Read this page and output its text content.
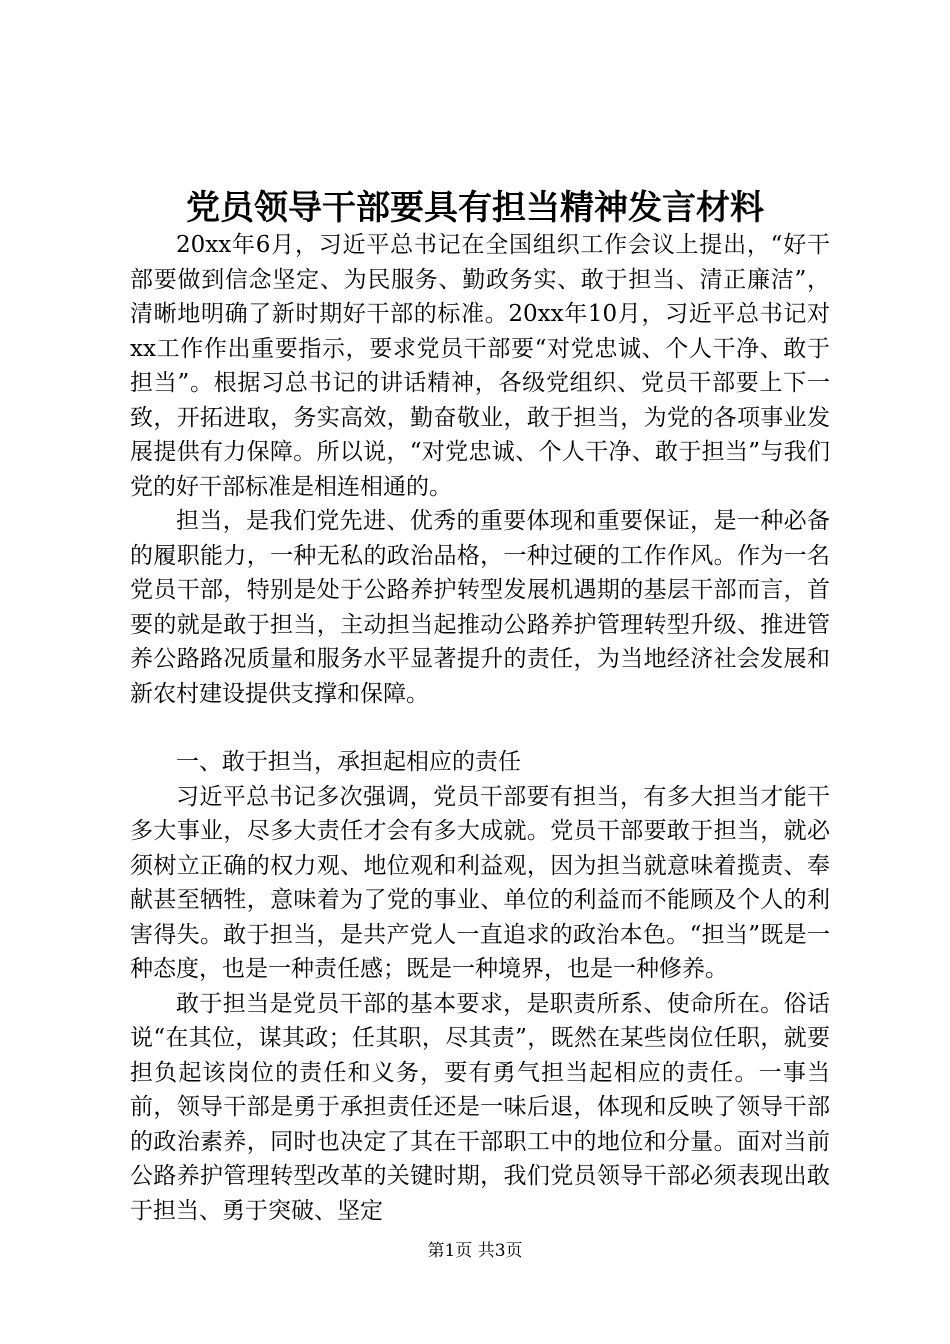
党员领导干部要具有担当精神发言材料

20xx年6月，习近平总书记在全国组织工作会议上提出，“好干部要做到信念坚定、为民服务、勤政务实、敢于担当、清正廉洁”，清晰地明确了新时期好干部的标准。20xx年10月，习近平总书记对xx工作作出重要指示，要求党员干部要“对党忠诚、个人干净、敢于担当”。根据习总书记的讲话精神，各级党组织、党员干部要上下一致，开拓进取，务实高效，勤奋敬业，敢于担当，为党的各项事业发展提供有力保障。所以说，“对党忠诚、个人干净、敢于担当”与我们党的好干部标准是相连相通的。

担当，是我们党先进、优秀的重要体现和重要保证，是一种必备的履职能力，一种无私的政治品格，一种过硬的工作作风。作为一名党员干部，特别是处于公路养护转型发展机遇期的基层干部而言，首要的就是敢于担当，主动担当起推动公路养护管理转型升级、推进管养公路路况质量和服务水平显著提升的责任，为当地经济社会发展和新农村建设提供支撑和保障。

一、敢于担当，承担起相应的责任

习近平总书记多次强调，党员干部要有担当，有多大担当才能干多大事业，尽多大责任才会有多大成就。党员干部要敢于担当，就必须树立正确的权力观、地位观和利益观，因为担当就意味着揽责、奉献甚至牺牲，意味着为了党的事业、单位的利益而不能顾及个人的利害得失。敢于担当，是共产党人一直追求的政治本色。“担当”既是一种态度，也是一种责任感；既是一种境界，也是一种修养。

敢于担当是党员干部的基本要求，是职责所系、使命所在。俗话说“在其位，谋其政；任其职，尽其责”，既然在某些岗位任职，就要担负起该岗位的责任和义务，要有勇气担当起相应的责任。一事当前，领导干部是勇于承担责任还是一味后退，体现和反映了领导干部的政治素养，同时也决定了其在干部职工中的地位和分量。面对当前公路养护管理转型改革的关键时期，我们党员领导干部必须表现出敢于担当、勇于突破、坚定

第1页 共3页
